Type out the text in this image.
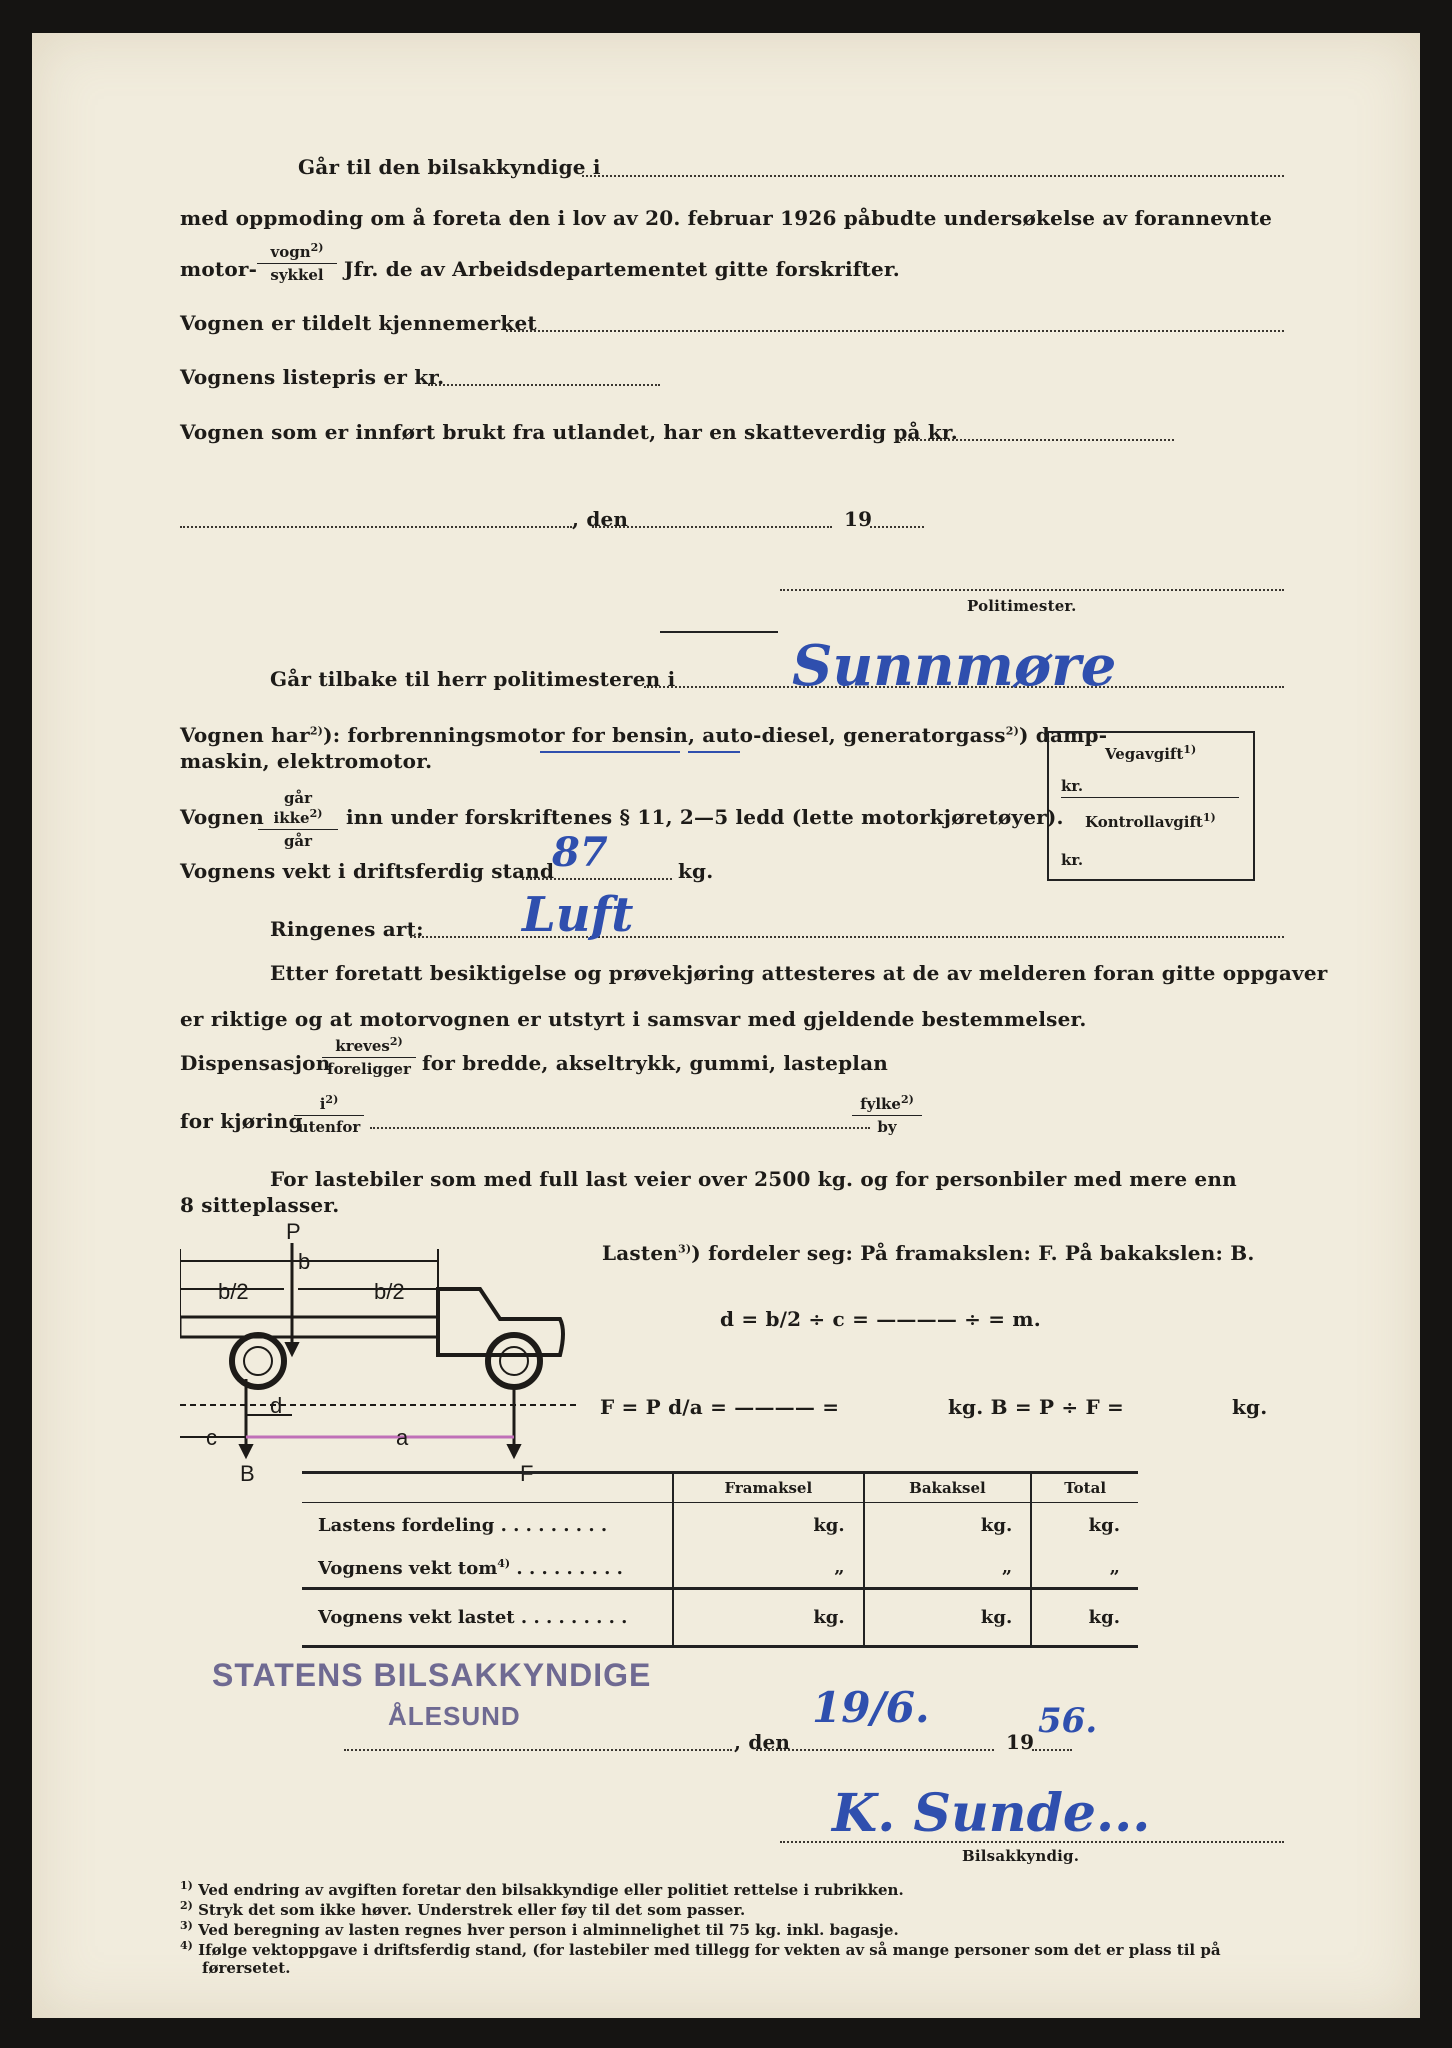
Går til den bilsakkyndige i
med oppmoding om å foreta den i lov av 20. februar 1926 påbudte undersøkelse av forannevnte
motor-
vogn$^{2)}$
sykkel	Jfr. de av Arbeidsdepartementet gitte forskrifter.
Vognen er tildelt kjennemerket
Vognens listepris er kr.
Vognen som er innført brukt fra utlandet, har en skatteverdig på kr.
, den	19
Politimester.
Går tilbake til herr politimesteren i Sunnmøre
Vognen har$^{2)}$): forbrenningsmotor for bensin, auto-diesel, generatorgass$^{2)}$) damp-
maskin, elektromotor.	Vegavgift$^{1)}$
kr.
Kontrollavgift$^{1)}$
kr.
Vognen
går ikke$^{2)}$
går
inn under forskriftenes § 11, 2—5 ledd (lette motorkjøretøyer).
Vognens vekt i driftsferdig stand	kg.
87
Ringenes art: Luft
Etter foretatt besiktigelse og prøvekjøring attesteres at de av melderen foran gitte oppgaver
er riktige og at motorvognen er utstyrt i samsvar med gjeldende bestemmelser.
Dispensasjon
kreves$^{2)}$
foreligger for bredde, akseltrykk, gummi, lasteplan
for kjøring
$i^{2)}$
utenfor
fylke$^{2)}$
by
For lastebiler som med full last veier over 2500 kg. og for personbiler med mere enn
8 sitteplasser.
P
b
b/2	b/2
d
c	a
B	F
Lasten$^{3)}$) fordeler seg: På framakslen: F. På bakakslen: B.
d = b/2 ÷ c = ———— ÷ = m.
F = P d/a = ———— =	kg. B = P ÷ F =	kg.
	Framaksel	Bakaksel	Total
Lastens fordeling . . . . . . . . .	kg.	kg.	kg.
Vognens vekt tom$^{4)}$ . . . . . . . . .	„	„	„
Vognens vekt lastet . . . . . . . . .	kg.	kg.	kg.
STATENS BILSAKKYNDIGE
ÅLESUND
, den	19
19/6.	56.
K. Sunde...
Bilsakkyndig.
$^{1)}$ Ved endring av avgiften foretar den bilsakkyndige eller politiet rettelse i rubrikken.
$^{2)}$ Stryk det som ikke høver. Understrek eller føy til det som passer.
$^{3)}$ Ved beregning av lasten regnes hver person i alminnelighet til 75 kg. inkl. bagasje.
$^{4)}$ Ifølge vektoppgave i driftsferdig stand, (for lastebiler med tillegg for vekten av så mange personer som det er plass til på
førersetet.
